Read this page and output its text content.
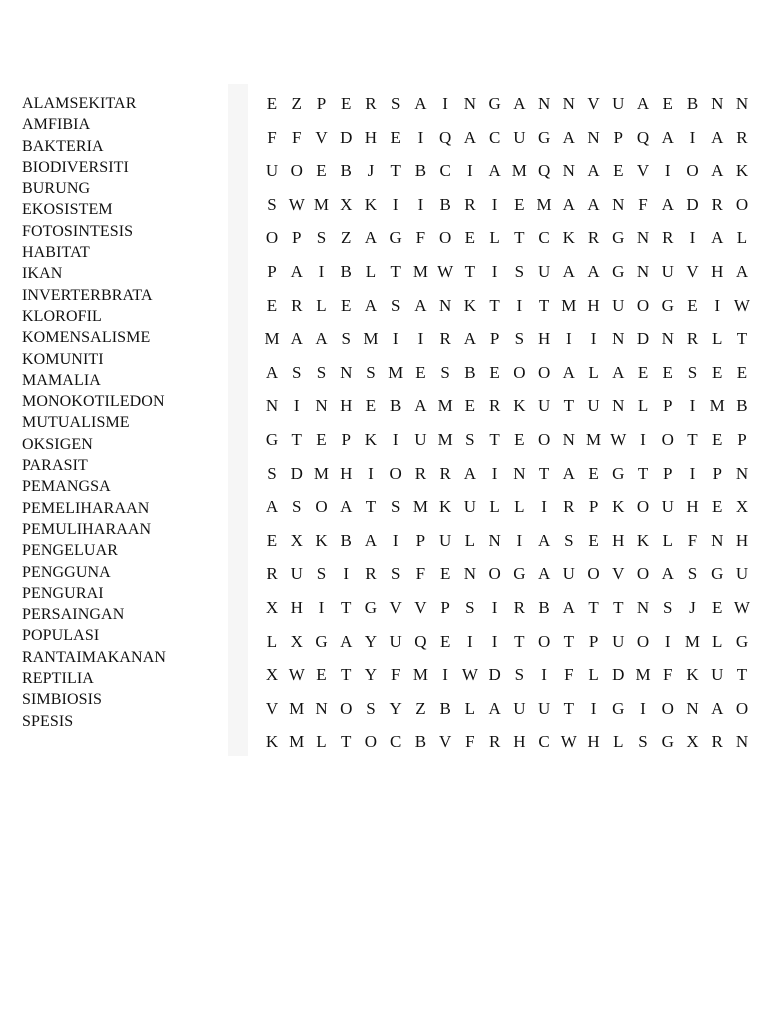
ALAMSEKITAR
AMFIBIA
BAKTERIA
BIODIVERSITI
BURUNG
EKOSISTEM
FOTOSINTESIS
HABITAT
IKAN
INVERTERBRATA
KLOROFIL
KOMENSALISME
KOMUNITI
MAMALIA
MONOKOTILEDON
MUTUALISME
OKSIGEN
PARASIT
PEMANGSA
PEMELIHARAAN
PEMULIHARAAN
PENGELUAR
PENGGUNA
PENGURAI
PERSAINGAN
POPULASI
RANTAIMAKANAN
REPTILIA
SIMBIOSIS
SPESIS
E Z P E R S A I N G A N N V U A E B N N
F F V D H E I Q A C U G A N P Q A I A R
U O E B J T B C I A M Q N A E V I O A K
S W M X K I	I B R I E M A A N F A D R O
O P S Z A G F O E L T C K R G N R I A L
P A I B L T M W T I	S U A A G N U V H A
E R L E A S A N K T I T M H U O G E I W
M A A S M I	I R A P S H I	I N D N R L T
A S S N S M E S B E O O A L A E E S E E
N I N H E B A M E R K U T U N L P	I M B
G T E P K I U M S T E O N M W I O T E P
S D M H I O R R A I N T A E G T P	I	P N
A S O A T S M K U L L I R P K O U H E X
E X K B A I	P U L N I A S E H K L F N H
R U S	I R S F E N O G A U O V O A S G U
X H I T G V V P S	I R B A T T N S J E W
L X G A Y U Q E I	I T O T P U O I M L G
X W E T Y F M I W D S	I	F L D M F K U T
V M N O S Y Z B L A U U T I G I O N A O
K M L T O C B V F R H C W H L S G X R N
